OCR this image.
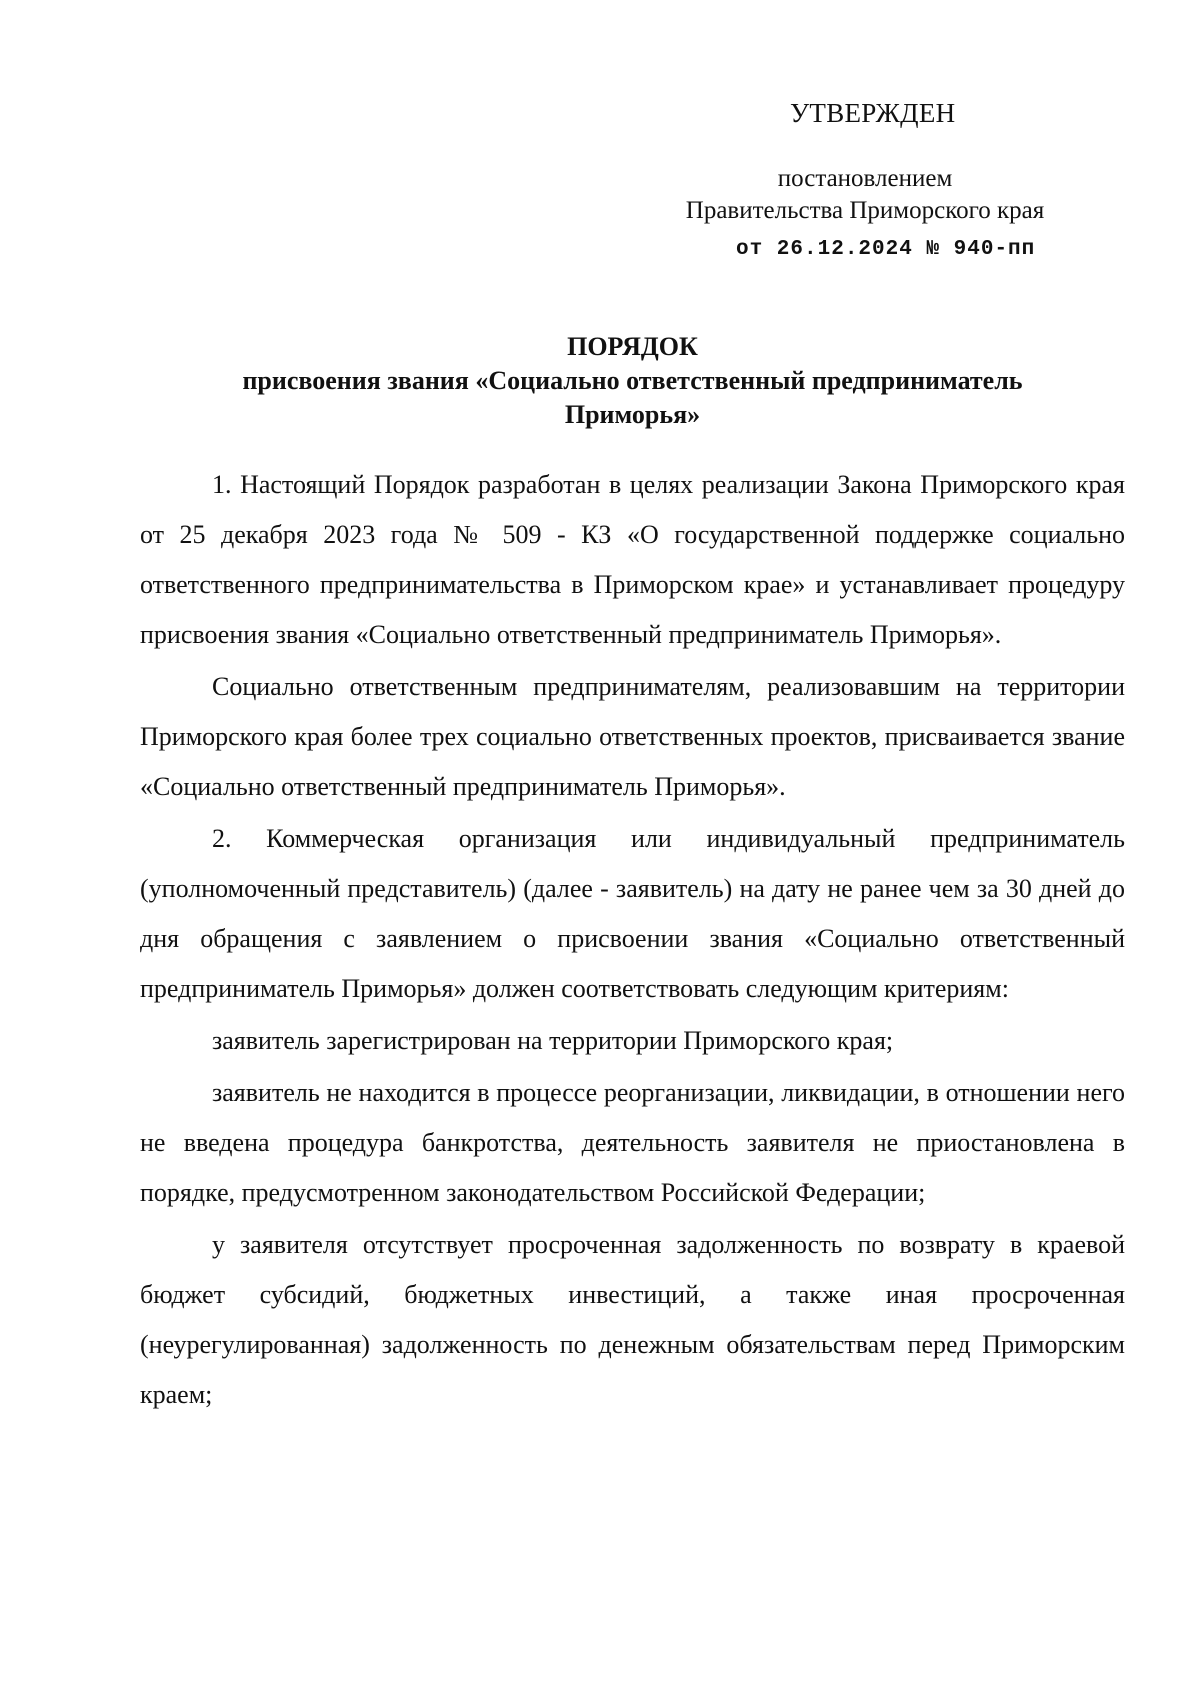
УТВЕРЖДЕН
постановлением
Правительства Приморского края
от 26.12.2024 № 940-пп
ПОРЯДОК
присвоения звания «Социально ответственный предприниматель
Приморья»

1. Настоящий Порядок разработан в целях реализации Закона Приморского края от 25 декабря 2023 года № 509 - КЗ «О государственной поддержке социально ответственного предпринимательства в Приморском крае» и устанавливает процедуру присвоения звания «Социально ответственный предприниматель Приморья».

Социально ответственным предпринимателям, реализовавшим на территории Приморского края более трех социально ответственных проектов, присваивается звание «Социально ответственный предприниматель Приморья».

2. Коммерческая организация или индивидуальный предприниматель (уполномоченный представитель) (далее - заявитель) на дату не ранее чем за 30 дней до дня обращения с заявлением о присвоении звания «Социально ответственный предприниматель Приморья» должен соответствовать следующим критериям:

заявитель зарегистрирован на территории Приморского края;

заявитель не находится в процессе реорганизации, ликвидации, в отношении него не введена процедура банкротства, деятельность заявителя не приостановлена в порядке, предусмотренном законодательством Российской Федерации;

у заявителя отсутствует просроченная задолженность по возврату в краевой бюджет субсидий, бюджетных инвестиций, а также иная просроченная (неурегулированная) задолженность по денежным обязательствам перед Приморским краем;
